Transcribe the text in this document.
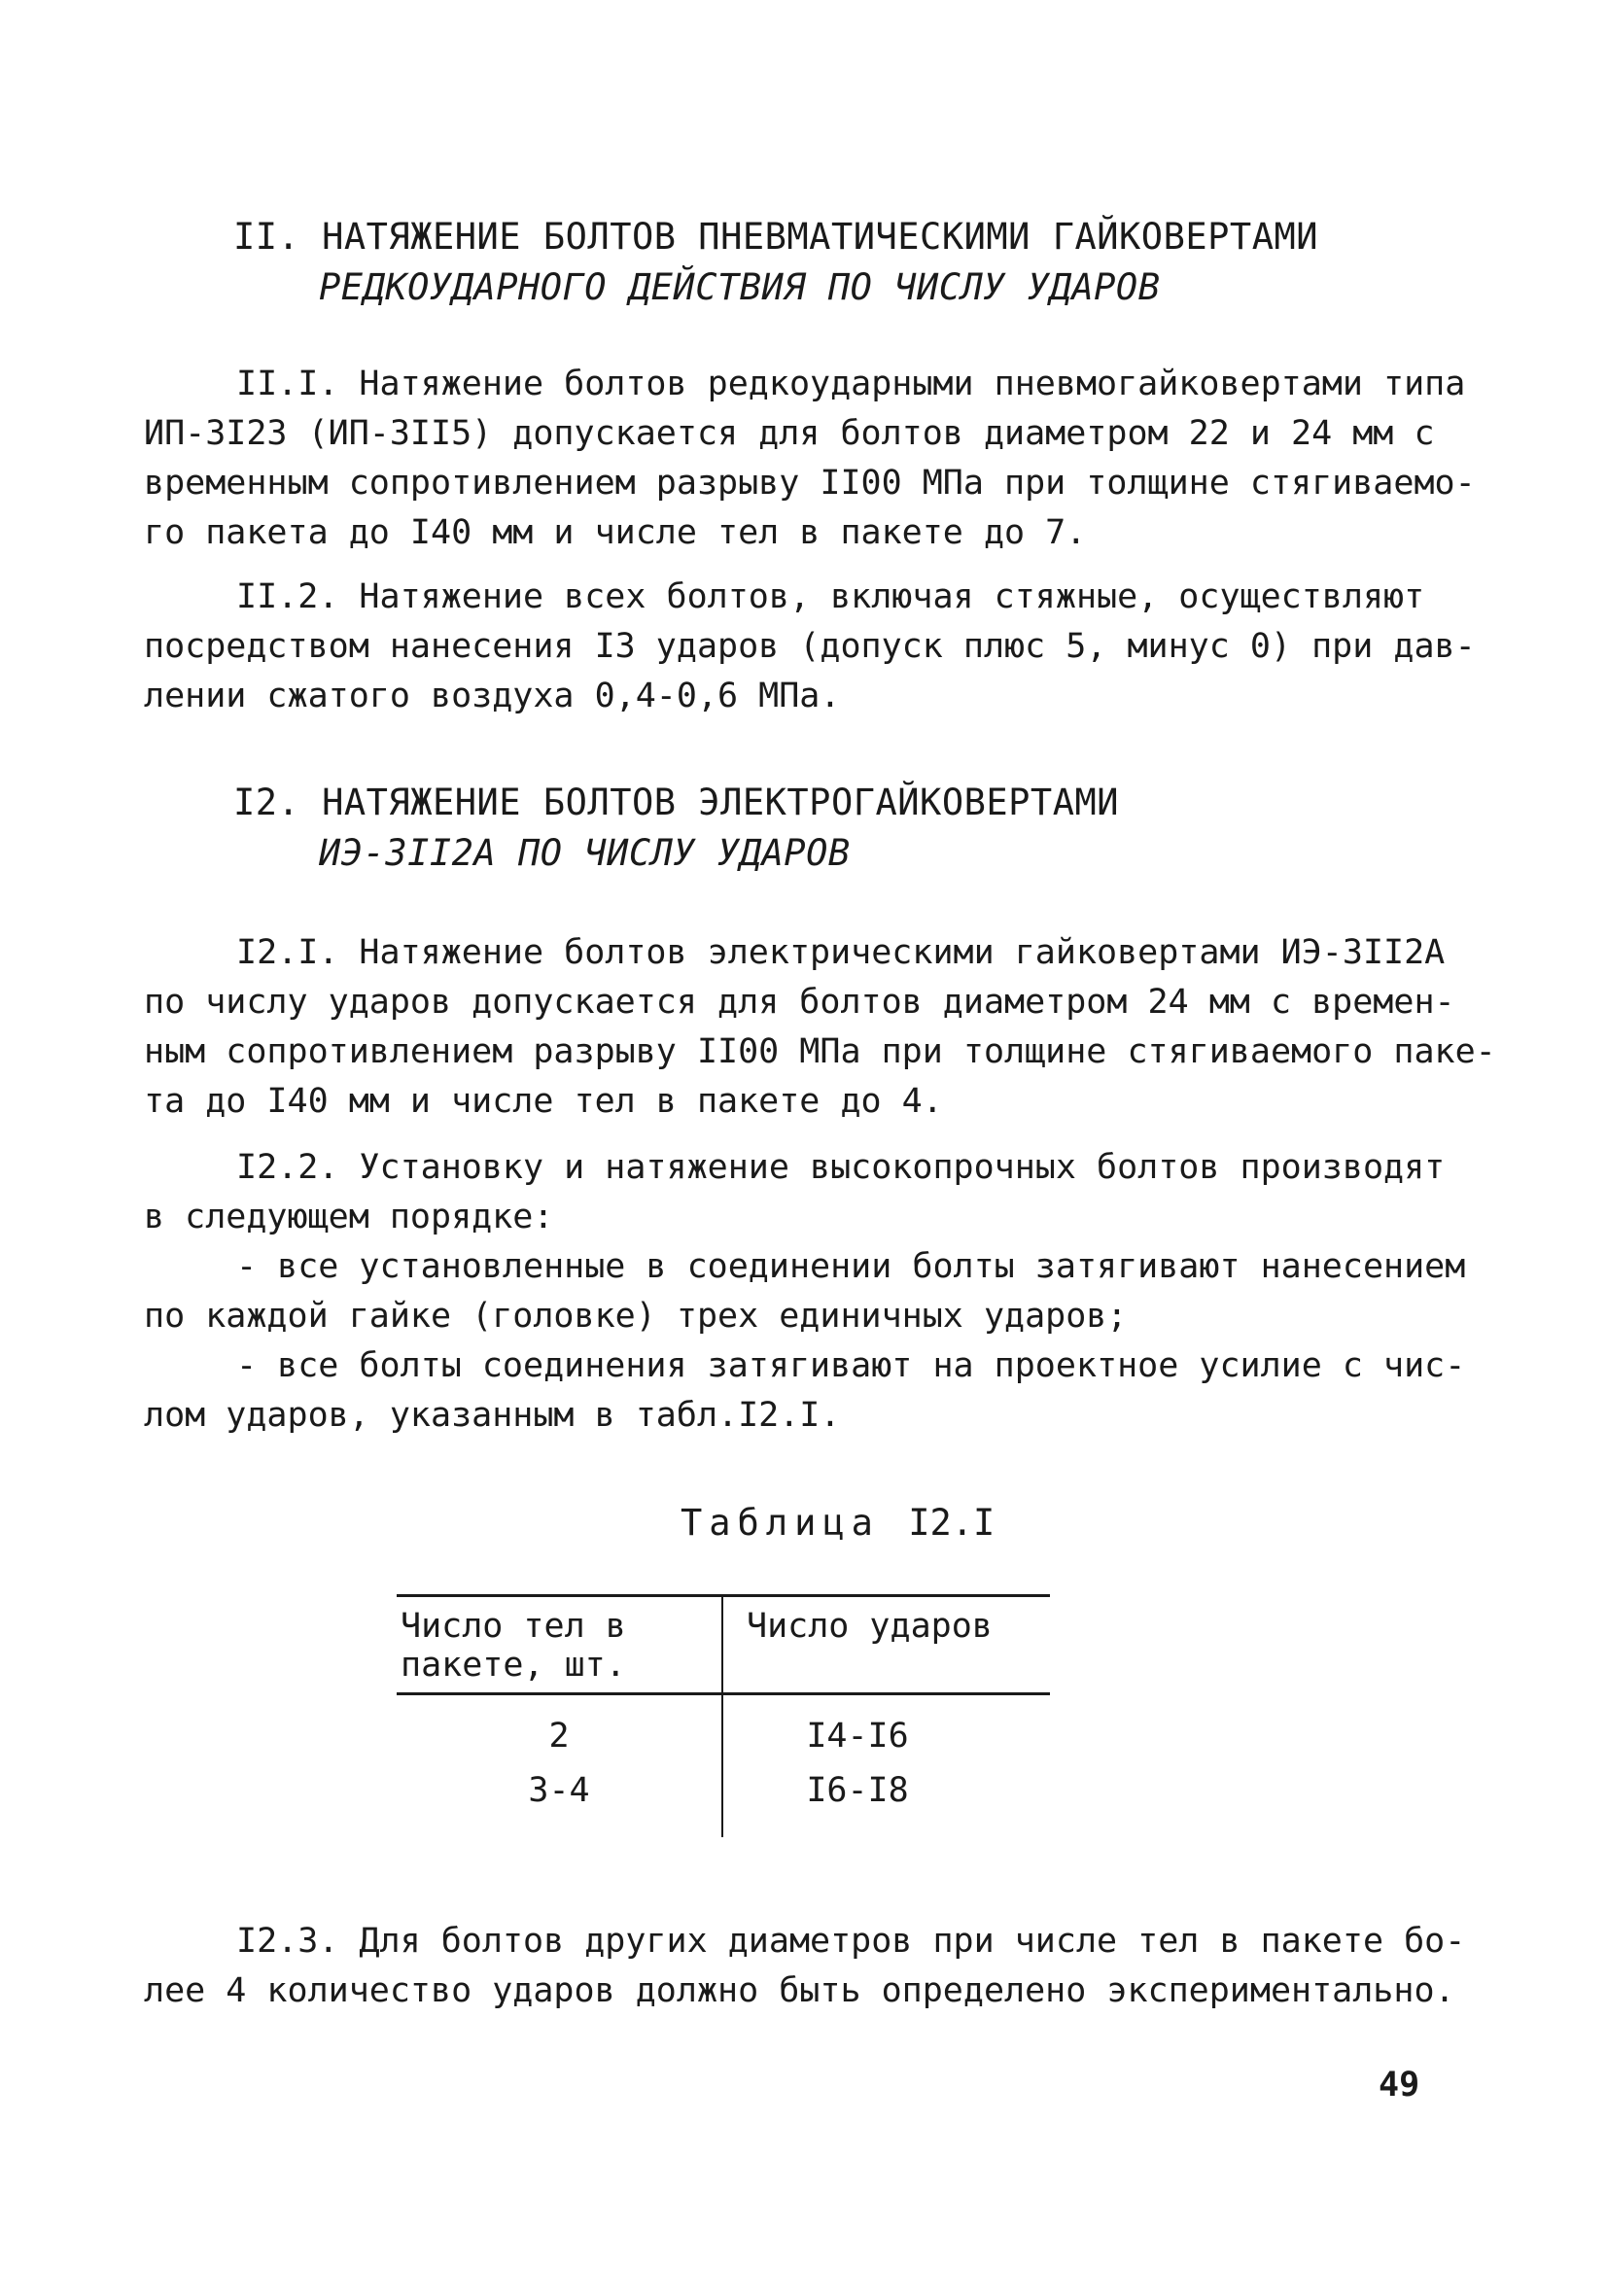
II. НАТЯЖЕНИЕ БОЛТОВ ПНЕВМАТИЧЕСКИМИ ГАЙКОВЕРТАМИ
РЕДКОУДАРНОГО ДЕЙСТВИЯ ПО ЧИСЛУ УДАРОВ
II.I. Натяжение болтов редкоударными пневмогайковертами типа
ИП-3I23 (ИП-3II5) допускается для болтов диаметром 22 и 24 мм с
временным сопротивлением разрыву II00 МПа при толщине стягиваемо-
го пакета до I40 мм и числе тел в пакете до 7.
II.2. Натяжение всех болтов, включая стяжные, осуществляют
посредством нанесения I3 ударов (допуск плюс 5, минус 0) при дав-
лении сжатого воздуха 0,4-0,6 МПа.
I2. НАТЯЖЕНИЕ БОЛТОВ ЭЛЕКТРОГАЙКОВЕРТАМИ
ИЭ-3II2А ПО ЧИСЛУ УДАРОВ
I2.I. Натяжение болтов электрическими гайковертами ИЭ-3II2А
по числу ударов допускается для болтов диаметром 24 мм с времен-
ным сопротивлением разрыву II00 МПа при толщине стягиваемого паке-
та до I40 мм и числе тел в пакете до 4.
I2.2. Установку и натяжение высокопрочных болтов производят
в следующем порядке:
- все установленные в соединении болты затягивают нанесением
по каждой гайке (головке) трех единичных ударов;
- все болты соединения затягивают на проектное усилие с чис-
лом ударов, указанным в табл.I2.I.
Таблица I2.I
Число тел в
пакете, шт.	Число ударов
2	I4-I6
3-4	I6-I8
I2.3. Для болтов других диаметров при числе тел в пакете бо-
лее 4 количество ударов должно быть определено экспериментально.
49
